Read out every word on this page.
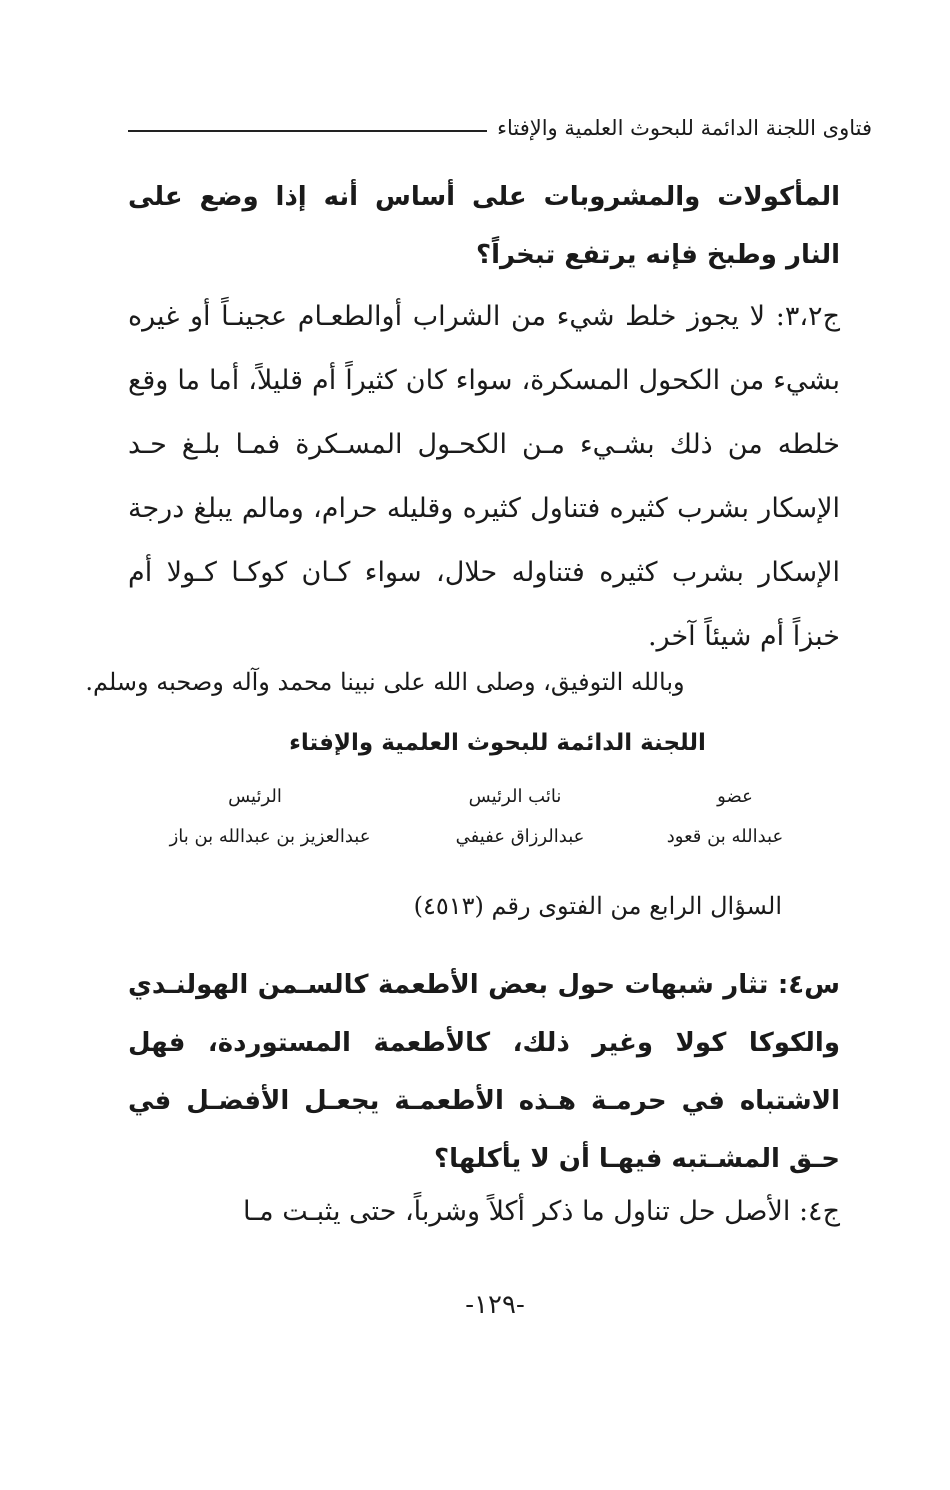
فتاوى اللجنة الدائمة للبحوث العلمية والإفتاء
المأكولات والمشروبات على أساس أنه إذا وضع على النار وطبخ فإنه يرتفع تبخراً؟
ج٣،٢: لا يجوز خلط شيء من الشراب أوالطعـام عجينـاً أو غيره بشيء من الكحول المسكرة، سواء كان كثيراً أم قليلاً، أما ما وقع خلطه من ذلك بشـيء مـن الكحـول المسـكرة فمـا بلـغ حـد الإسكار بشرب كثيره فتناول كثيره وقليله حرام، ومالم يبلغ درجة الإسكار بشرب كثيره فتناوله حلال، سواء كـان كوكـا كـولا أم خبزاً أم شيئاً آخر.
وبالله التوفيق، وصلى الله على نبينا محمد وآله وصحبه وسلم.
اللجنة الدائمة للبحوث العلمية والإفتاء
عضو
نائب الرئيس
الرئيس
عبدالله بن قعود
عبدالرزاق عفيفي
عبدالعزيز بن عبدالله بن باز
السؤال الرابع من الفتوى رقم (٤٥١٣)
س٤: تثار شبهات حول بعض الأطعمة كالسـمن الهولنـدي والكوكا كولا وغير ذلك، كالأطعمة المستوردة، فهل الاشتباه في حرمـة هـذه الأطعمـة يجعـل الأفضـل في حـق المشـتبه فيهـا أن لا يأكلها؟
ج٤: الأصل حل تناول ما ذكر أكلاً وشرباً، حتى يثبـت مـا
-١٢٩-
